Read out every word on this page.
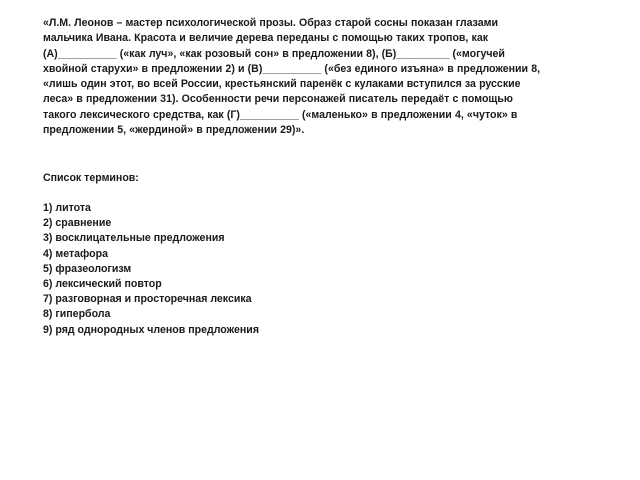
«Л.М. Леонов – мастер психологической прозы. Образ старой сосны показан глазами
мальчика Ивана. Красота и величие дерева переданы с помощью таких тропов, как
(А)__________ («как луч», «как розовый сон» в предложении 8), (Б)_________ («могучей
хвойной старухи» в предложении 2) и (В)__________ («без единого изъяна» в предложении 8,
«лишь один этот, во всей России, крестьянский паренёк с кулаками вступился за русские
леса» в предложении 31). Особенности речи персонажей писатель передаёт с помощью
такого лексического средства, как (Г)__________ («маленько» в предложении 4, «чуток» в
предложении 5, «жердиной» в предложении 29)».
Список терминов:
1) литота
2) сравнение
3) восклицательные предложения
4) метафора
5) фразеологизм
6) лексический повтор
7) разговорная и просторечная лексика
8) гипербола
9) ряд однородных членов предложения
